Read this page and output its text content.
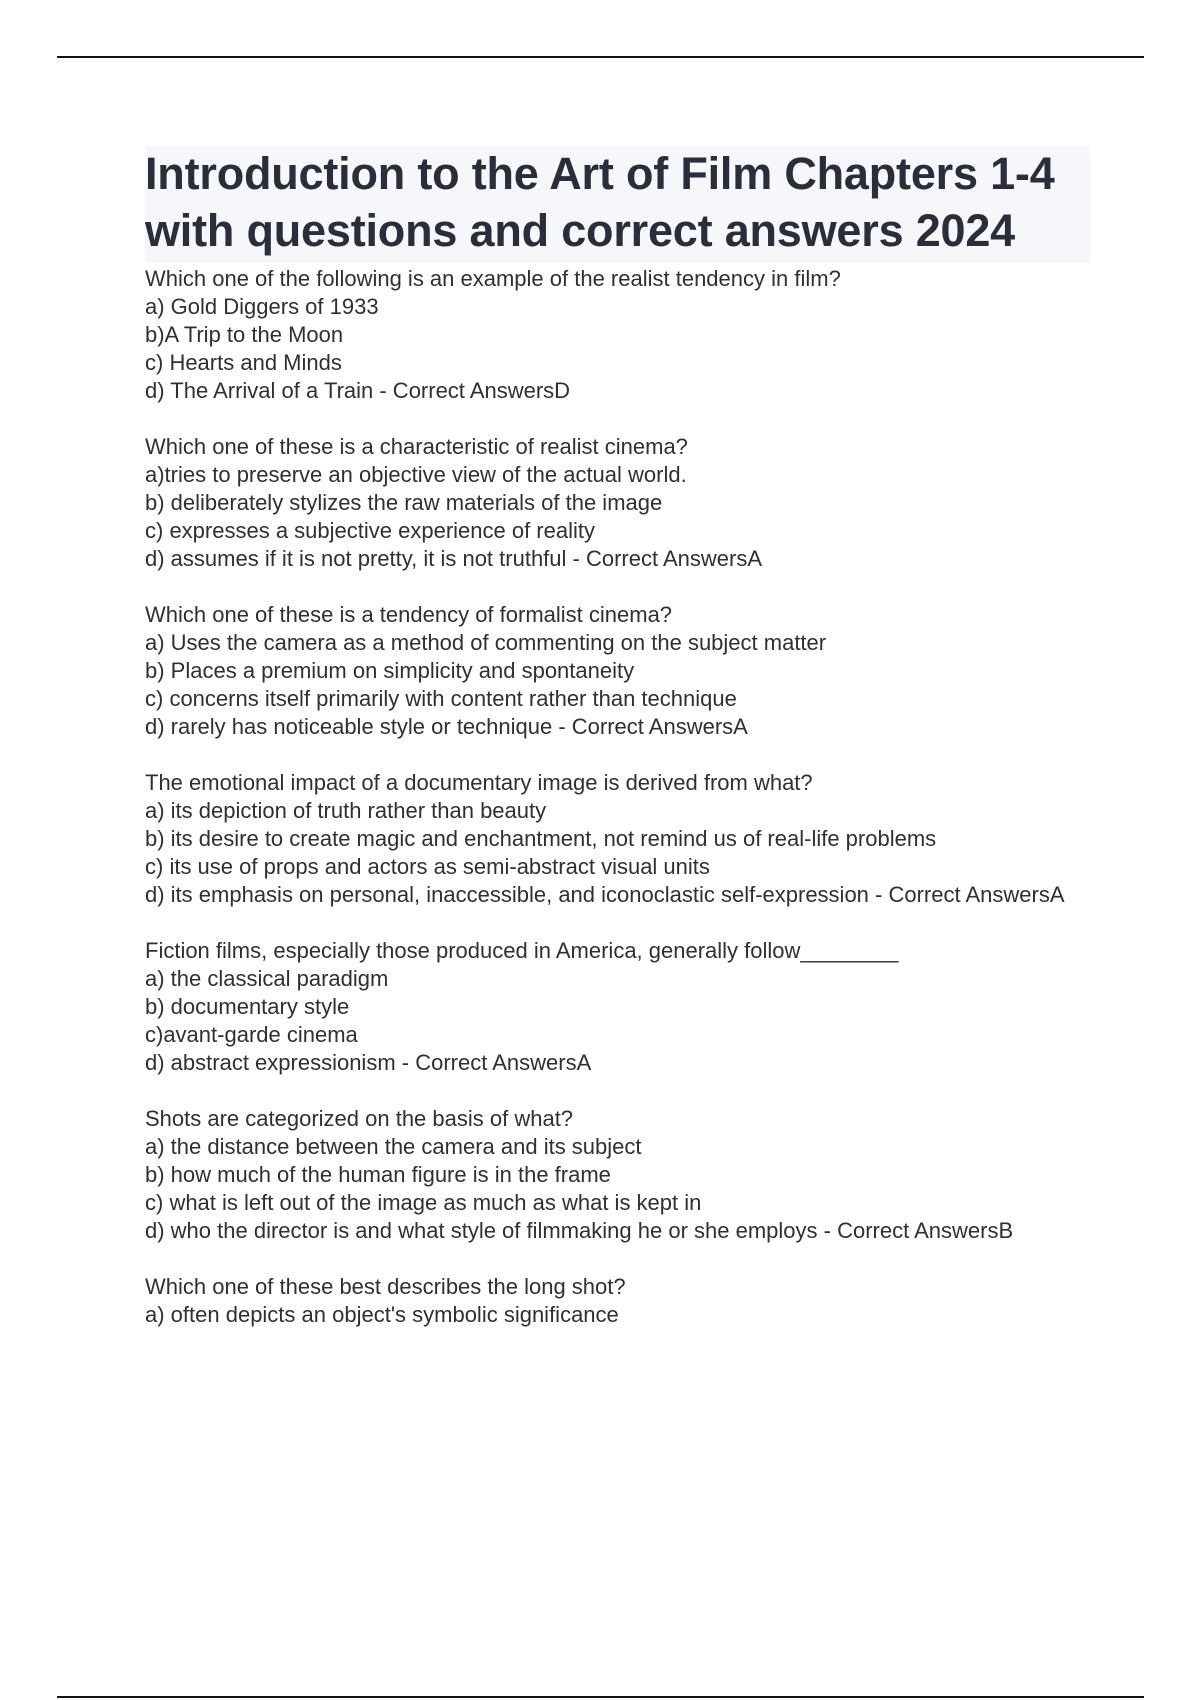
Introduction to the Art of Film Chapters 1-4 with questions and correct answers 2024
Which one of the following is an example of the realist tendency in film?
a) Gold Diggers of 1933
b)A Trip to the Moon
c) Hearts and Minds
d) The Arrival of a Train - Correct AnswersD
Which one of these is a characteristic of realist cinema?
a)tries to preserve an objective view of the actual world.
b) deliberately stylizes the raw materials of the image
c) expresses a subjective experience of reality
d) assumes if it is not pretty, it is not truthful - Correct AnswersA
Which one of these is a tendency of formalist cinema?
a) Uses the camera as a method of commenting on the subject matter
b) Places a premium on simplicity and spontaneity
c) concerns itself primarily with content rather than technique
d) rarely has noticeable style or technique - Correct AnswersA
The emotional impact of a documentary image is derived from what?
a) its depiction of truth rather than beauty
b) its desire to create magic and enchantment, not remind us of real-life problems
c) its use of props and actors as semi-abstract visual units
d) its emphasis on personal, inaccessible, and iconoclastic self-expression - Correct AnswersA
Fiction films, especially those produced in America, generally follow________
a) the classical paradigm
b) documentary style
c)avant-garde cinema
d) abstract expressionism - Correct AnswersA
Shots are categorized on the basis of what?
a) the distance between the camera and its subject
b) how much of the human figure is in the frame
c) what is left out of the image as much as what is kept in
d) who the director is and what style of filmmaking he or she employs - Correct AnswersB
Which one of these best describes the long shot?
a) often depicts an object's symbolic significance
